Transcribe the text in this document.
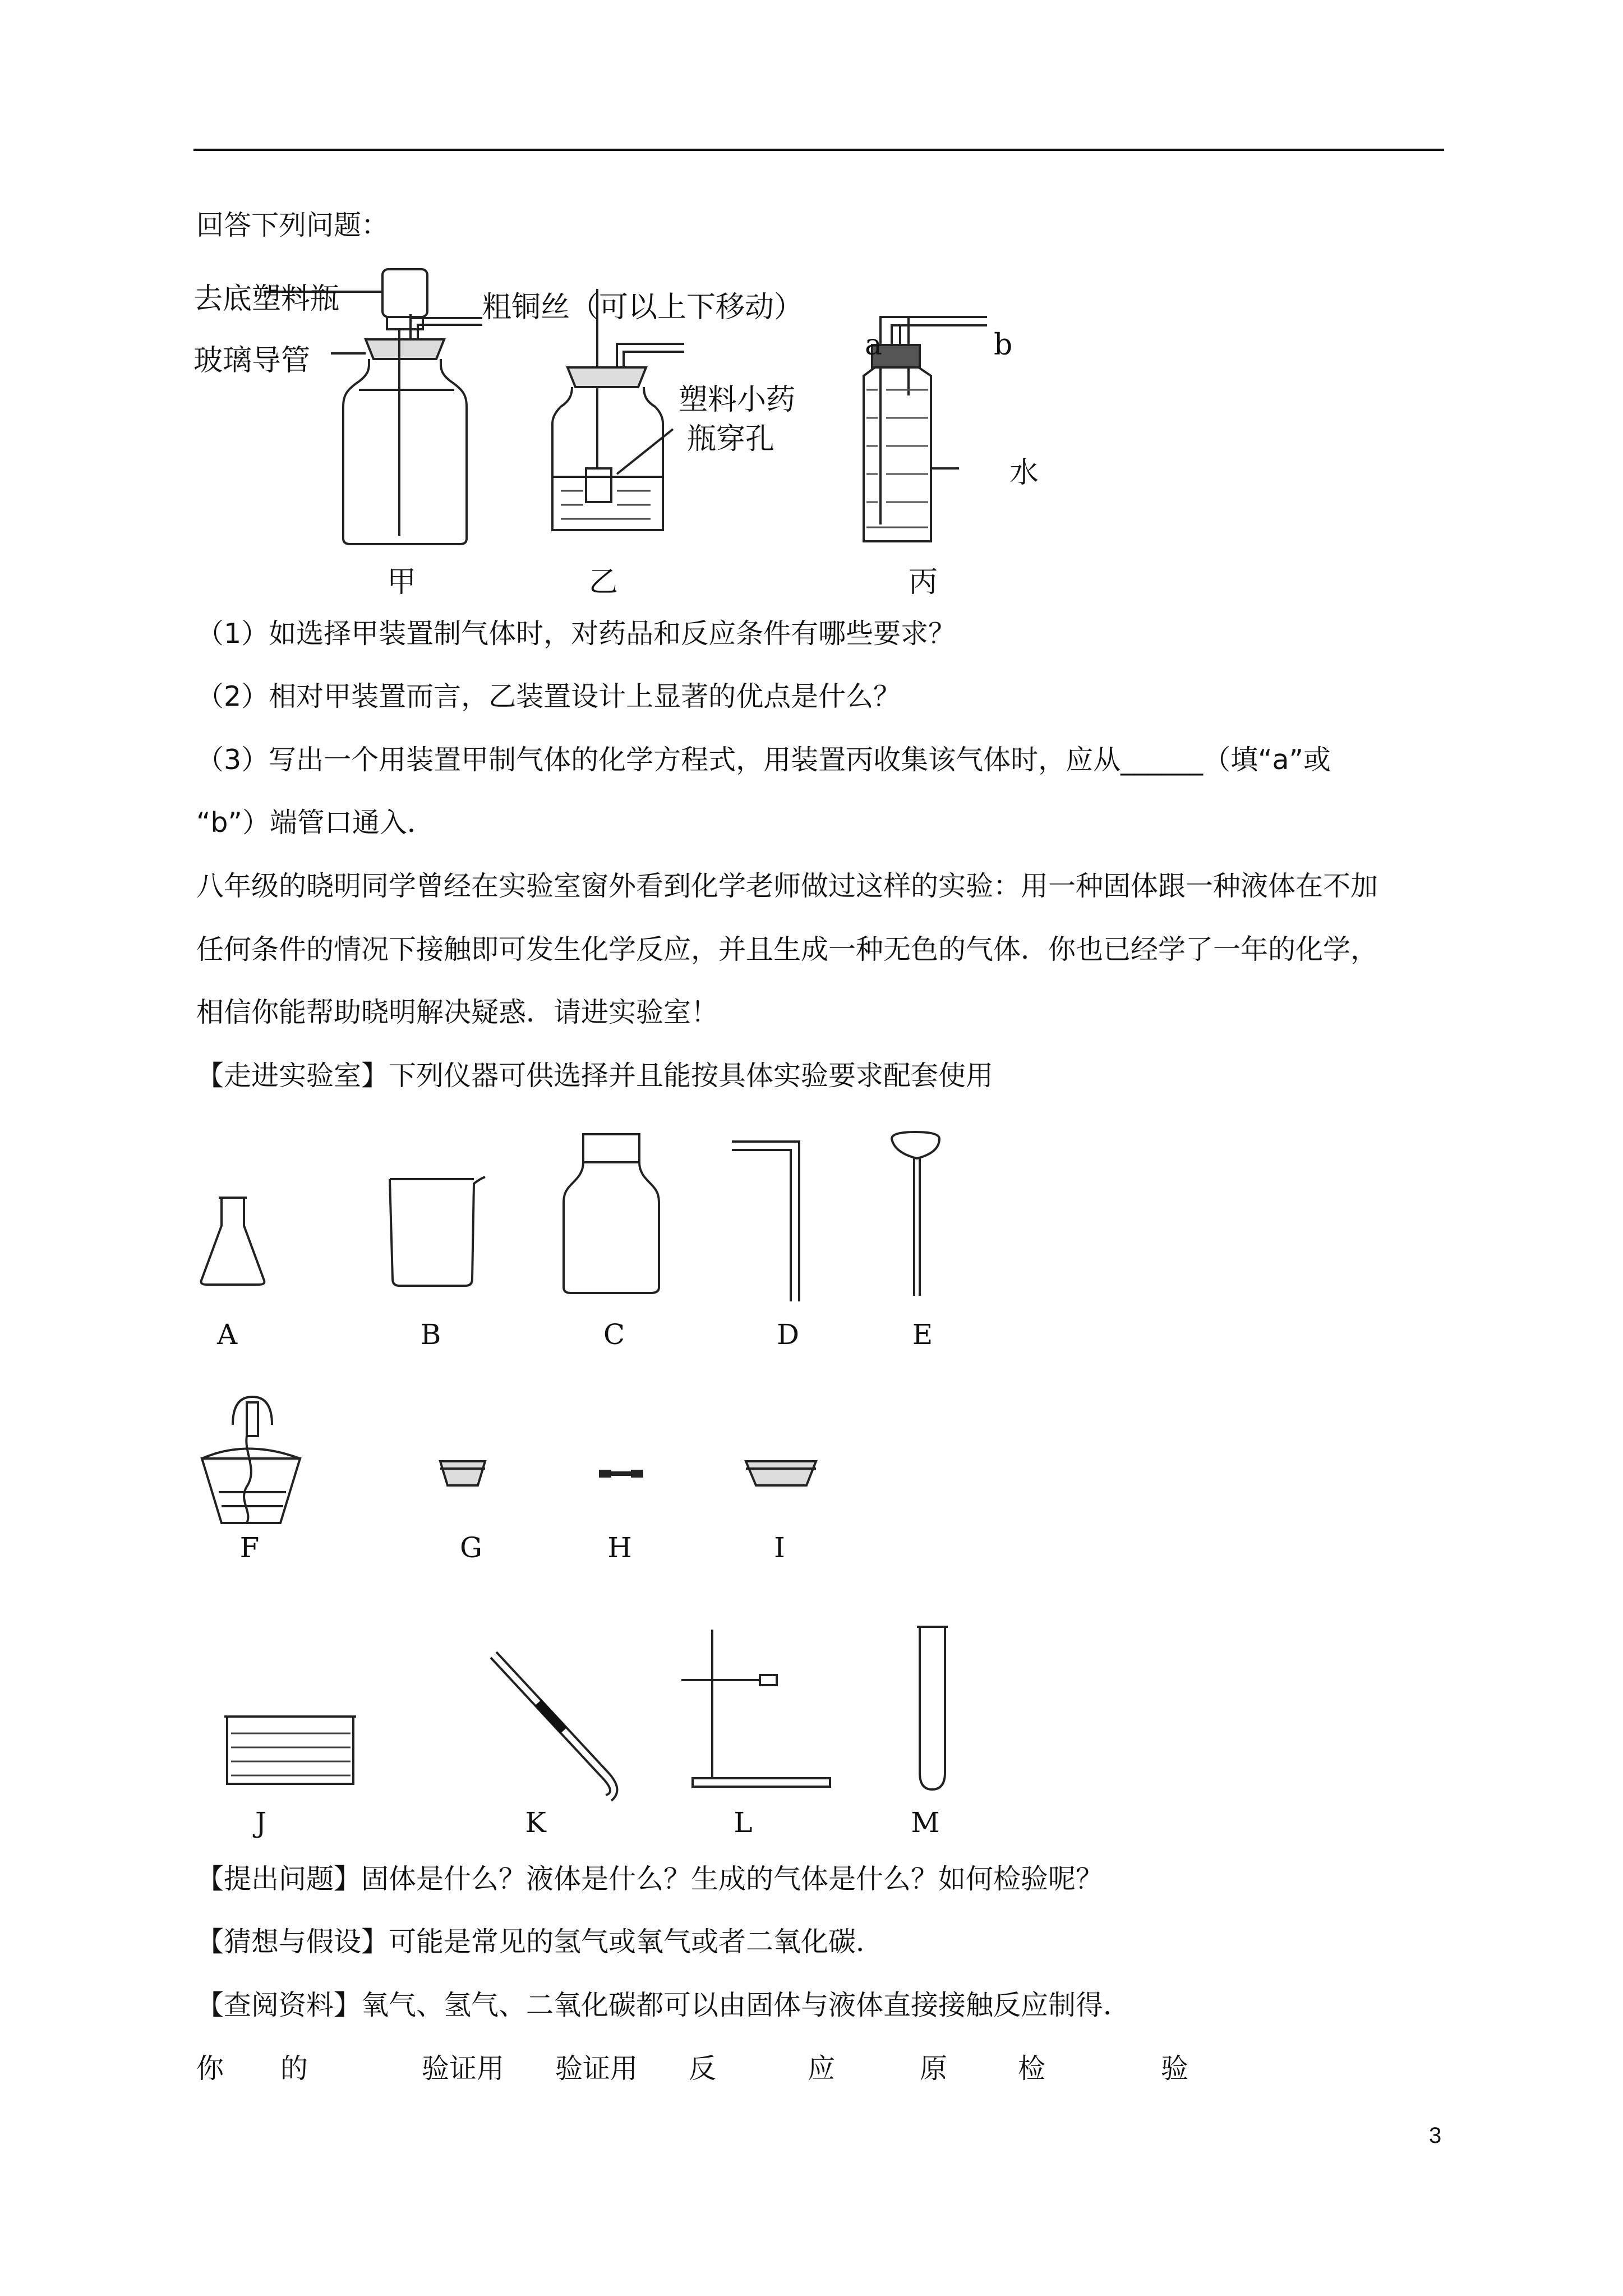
回答下列问题：
去底塑料瓶
玻璃导管
粗铜丝（可以上下移动）
塑料小药
瓶穿孔
a	b
水
甲	乙	丙
（1）如选择甲装置制气体时，对药品和反应条件有哪些要求？
（2）相对甲装置而言，乙装置设计上显著的优点是什么？
（3）写出一个用装置甲制气体的化学方程式，用装置丙收集该气体时，应从______（填“a”或
“b”）端管口通入．
八年级的晓明同学曾经在实验室窗外看到化学老师做过这样的实验：用一种固体跟一种液体在不加
任何条件的情况下接触即可发生化学反应，并且生成一种无色的气体．你也已经学了一年的化学，
相信你能帮助晓明解决疑惑．请进实验室！
【走进实验室】下列仪器可供选择并且能按具体实验要求配套使用
A	B	C	D	E
F	G	H	I
J	K	L	M
【提出问题】固体是什么？液体是什么？生成的气体是什么？如何检验呢？
【猜想与假设】可能是常见的氢气或氧气或者二氧化碳．
【查阅资料】氧气、氢气、二氧化碳都可以由固体与液体直接接触反应制得．
你 的	验证用 验证用 反	应	原	检	验
3
